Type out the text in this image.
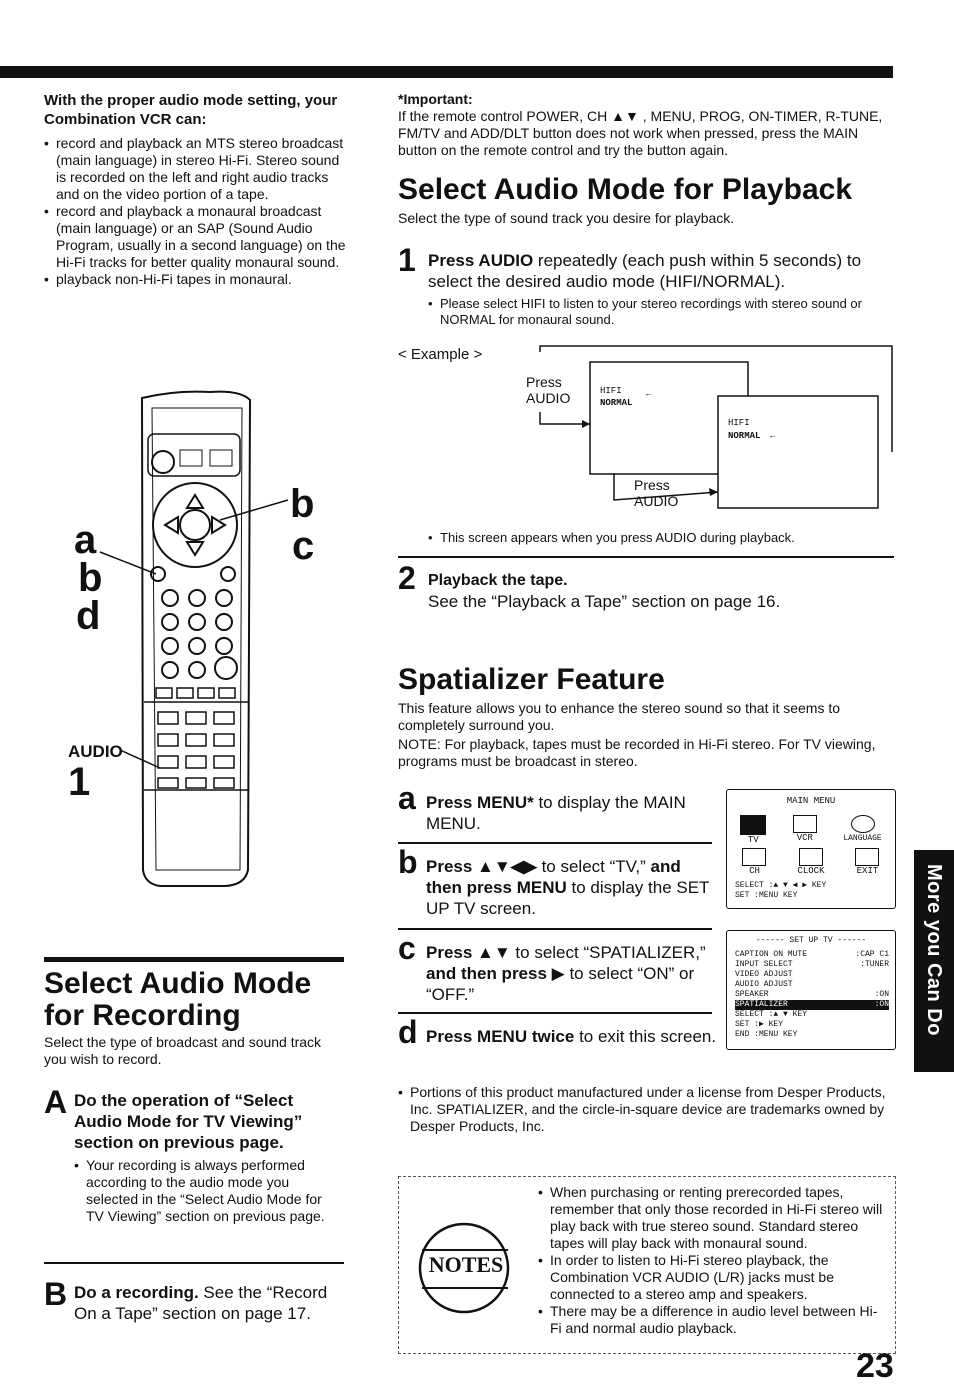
With the proper audio mode setting, your Combination VCR can:
• record and playback an MTS stereo broadcast (main language) in stereo Hi-Fi. Stereo sound is recorded on the left and right audio tracks and on the video portion of a tape.
• record and playback a monaural broadcast (main language) or an SAP (Sound Audio Program, usually in a second language) on the Hi-Fi tracks for better quality monaural sound.
• playback non-Hi-Fi tapes in monaural.
a
b
d
b
c
AUDIO
1
Select Audio Mode for Recording
Select the type of broadcast and sound track you wish to record.
A Do the operation of “Select Audio Mode for TV Viewing” section on previous page.
• Your recording is always performed according to the audio mode you selected in the “Select Audio Mode for TV Viewing” section on previous page.
B Do a recording. See the “Record On a Tape” section on page 17.
*Important:
If the remote control POWER, CH ▲▼ , MENU, PROG, ON-TIMER, R-TUNE, FM/TV and ADD/DLT button does not work when pressed, press the MAIN button on the remote control and try the button again.
Select Audio Mode for Playback
Select the type of sound track you desire for playback.
1 Press AUDIO repeatedly (each push within 5 seconds) to select the desired audio mode (HIFI/NORMAL).
• Please select HIFI to listen to your stereo recordings with stereo sound or NORMAL for monaural sound.
< Example >
Press AUDIO	HIFI
NORMAL
←
HIFI
NORMAL ←
Press AUDIO
• This screen appears when you press AUDIO during playback.
2 Playback the tape.
See the “Playback a Tape” section on page 16.
Spatializer Feature
This feature allows you to enhance the stereo sound so that it seems to completely surround you.
NOTE: For playback, tapes must be recorded in Hi-Fi stereo. For TV viewing, programs must be broadcast in stereo.
a Press MENU* to display the MAIN MENU.
b Press ▲▼◀▶ to select “TV,” and then press MENU to display the SET UP TV screen.
c Press ▲▼ to select “SPATIALIZER,” and then press ▶ to select “ON” or “OFF.”
d Press MENU twice to exit this screen.
MAIN MENU
TV	VCR	LANGUAGE
CH	CLOCK	EXIT
SELECT :▲ ▼ ◀ ▶ KEY
SET :MENU KEY
------ SET UP TV ------
CAPTION ON MUTE	:CAP C1
INPUT SELECT	:TUNER
VIDEO ADJUST
AUDIO ADJUST
SPEAKER	:ON
SPATIALIZER	:ON
SELECT :▲ ▼ KEY
SET :▶ KEY
END :MENU KEY
• Portions of this product manufactured under a license from Desper Products, Inc. SPATIALIZER, and the circle-in-square device are trademarks owned by Desper Products, Inc.
NOTES
• When purchasing or renting prerecorded tapes, remember that only those recorded in Hi-Fi stereo will play back with true stereo sound. Standard stereo tapes will play back with monaural sound.
• In order to listen to Hi-Fi stereo playback, the Combination VCR AUDIO (L/R) jacks must be connected to a stereo amp and speakers.
• There may be a difference in audio level between Hi-Fi and normal audio playback.
23
More you Can Do
